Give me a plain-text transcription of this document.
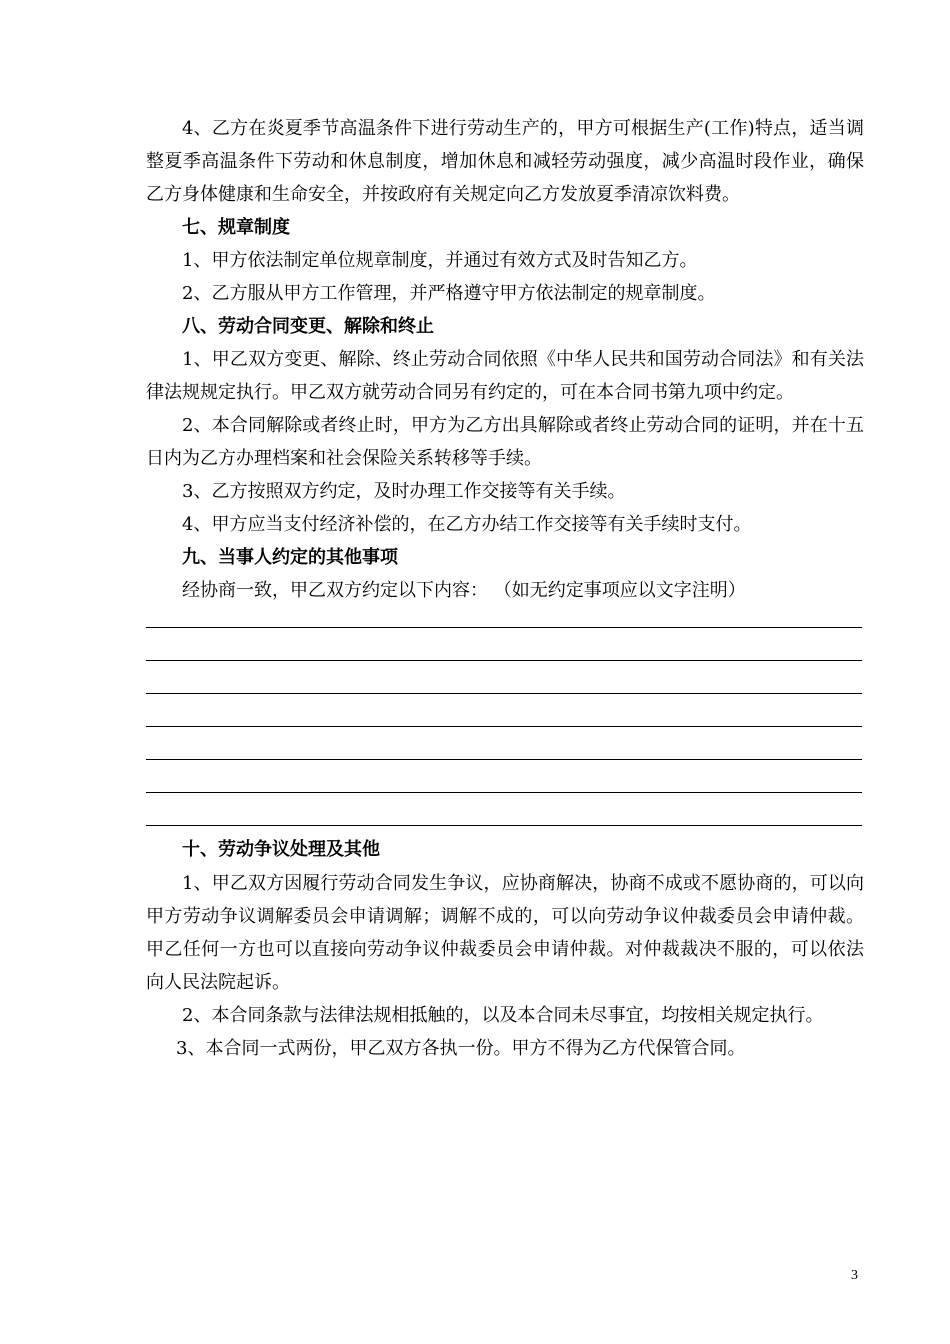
4、乙方在炎夏季节高温条件下进行劳动生产的，甲方可根据生产(工作)特点，适当调整夏季高温条件下劳动和休息制度，增加休息和减轻劳动强度，减少高温时段作业，确保乙方身体健康和生命安全，并按政府有关规定向乙方发放夏季清凉饮料费。

七、规章制度

1、甲方依法制定单位规章制度，并通过有效方式及时告知乙方。

2、乙方服从甲方工作管理，并严格遵守甲方依法制定的规章制度。

八、劳动合同变更、解除和终止

1、甲乙双方变更、解除、终止劳动合同依照《中华人民共和国劳动合同法》和有关法律法规规定执行。甲乙双方就劳动合同另有约定的，可在本合同书第九项中约定。

2、本合同解除或者终止时，甲方为乙方出具解除或者终止劳动合同的证明，并在十五日内为乙方办理档案和社会保险关系转移等手续。

3、乙方按照双方约定，及时办理工作交接等有关手续。

4、甲方应当支付经济补偿的，在乙方办结工作交接等有关手续时支付。

九、当事人约定的其他事项

经协商一致，甲乙双方约定以下内容： （如无约定事项应以文字注明）

十、劳动争议处理及其他

1、甲乙双方因履行劳动合同发生争议，应协商解决，协商不成或不愿协商的，可以向甲方劳动争议调解委员会申请调解；调解不成的，可以向劳动争议仲裁委员会申请仲裁。甲乙任何一方也可以直接向劳动争议仲裁委员会申请仲裁。对仲裁裁决不服的，可以依法向人民法院起诉。

2、本合同条款与法律法规相抵触的，以及本合同未尽事宜，均按相关规定执行。

3、本合同一式两份，甲乙双方各执一份。甲方不得为乙方代保管合同。

3
